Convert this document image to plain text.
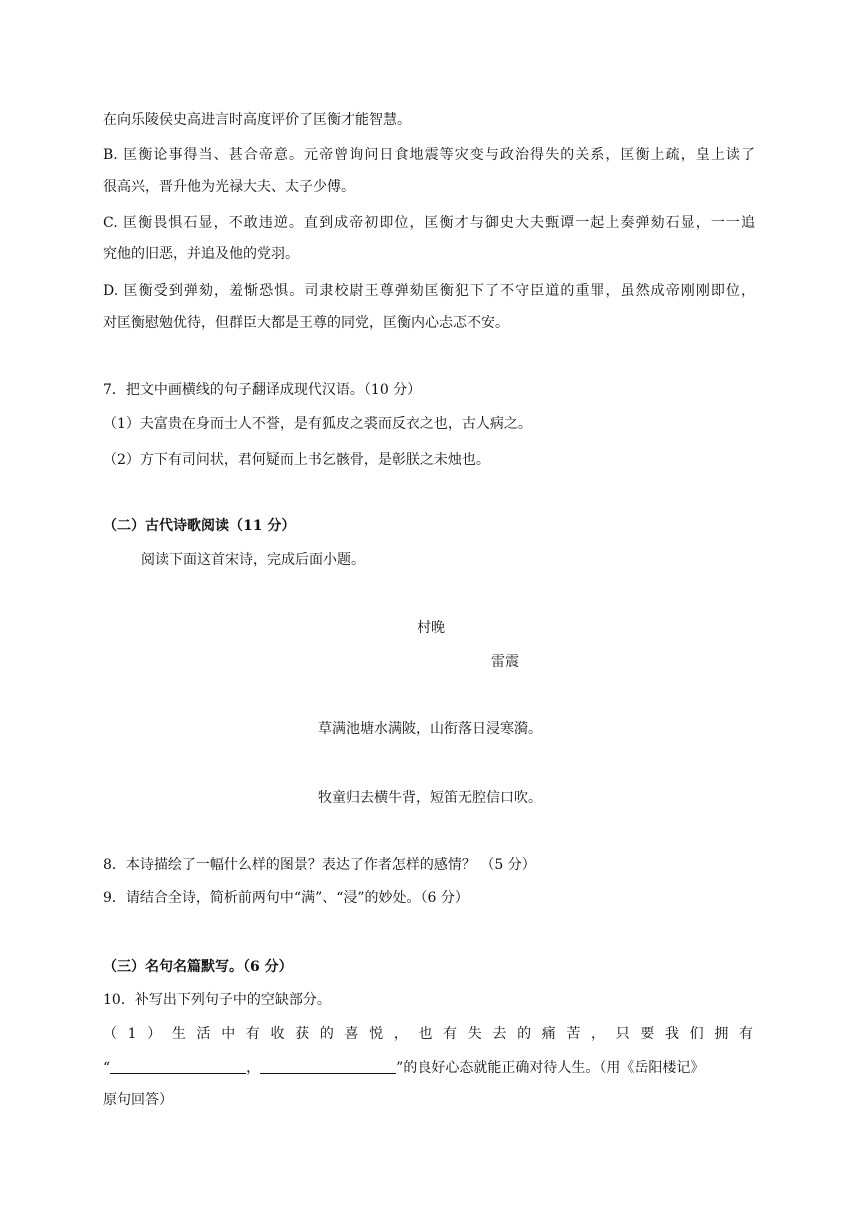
在向乐陵侯史高进言时高度评价了匡衡才能智慧。
B. 匡衡论事得当、甚合帝意。元帝曾询问日食地震等灾变与政治得失的关系，匡衡上疏，皇上读了
很高兴，晋升他为光禄大夫、太子少傅。
C. 匡衡畏惧石显，不敢违逆。直到成帝初即位，匡衡才与御史大夫甄谭一起上奏弹劾石显，一一追
究他的旧恶，并追及他的党羽。
D. 匡衡受到弹劾，羞惭恐惧。司隶校尉王尊弹劾匡衡犯下了不守臣道的重罪，虽然成帝刚刚即位，
对匡衡慰勉优待，但群臣大都是王尊的同党，匡衡内心忐忑不安。
7．把文中画横线的句子翻译成现代汉语。（10 分）
（1）夫富贵在身而士人不誉，是有狐皮之裘而反衣之也，古人病之。
（2）方下有司问状，君何疑而上书乞骸骨，是彰朕之未烛也。
（二）古代诗歌阅读（11 分）
阅读下面这首宋诗，完成后面小题。
村晚
雷震
草满池塘水满陂，山衔落日浸寒漪。
牧童归去横牛背，短笛无腔信口吹。
8．本诗描绘了一幅什么样的图景？表达了作者怎样的感情？ （5 分）
9．请结合全诗，简析前两句中“满”、“浸”的妙处。（6 分）
（三）名句名篇默写。（6 分）
10．补写出下列句子中的空缺部分。
（1）生活中有收获的喜悦，也有失去的痛苦，只要我们拥有
“	，	”的良好心态就能正确对待人生。（用《岳阳楼记》
原句回答）
